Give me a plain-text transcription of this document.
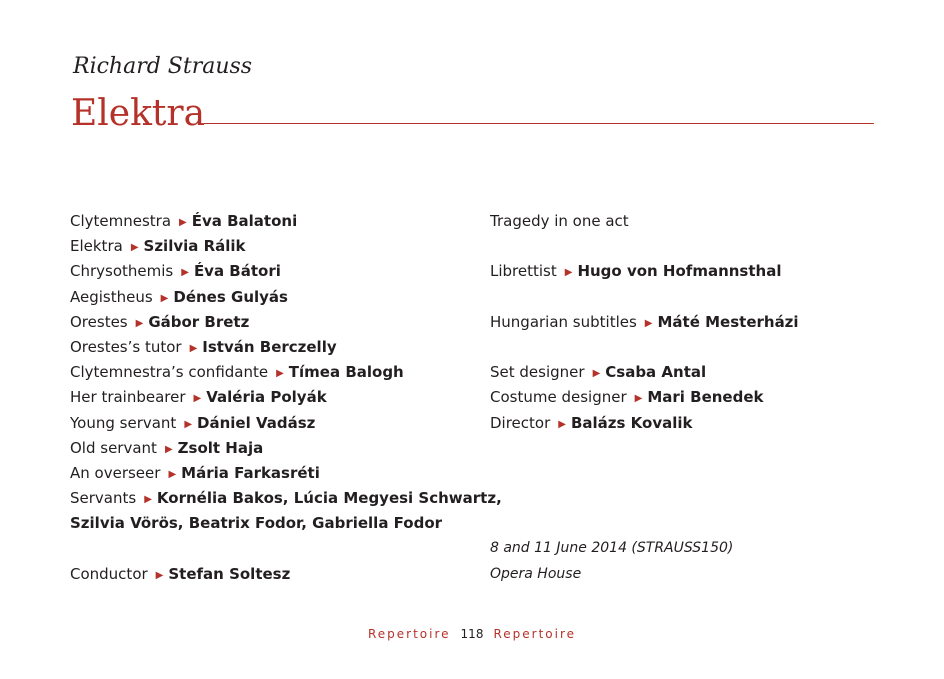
Richard Strauss
Elektra
Clytemnestra ▶ Éva Balatoni
Elektra ▶ Szilvia Rálik
Chrysothemis ▶ Éva Bátori
Aegistheus ▶ Dénes Gulyás
Orestes ▶ Gábor Bretz
Orestes’s tutor ▶ István Berczelly
Clytemnestra’s confidante ▶ Tímea Balogh
Her trainbearer ▶ Valéria Polyák
Young servant ▶ Dániel Vadász
Old servant ▶ Zsolt Haja
An overseer ▶ Mária Farkasréti
Servants ▶ Kornélia Bakos, Lúcia Megyesi Schwartz,
Szilvia Vörös, Beatrix Fodor, Gabriella Fodor
Conductor ▶ Stefan Soltesz
Tragedy in one act
Librettist ▶ Hugo von Hofmannsthal
Hungarian subtitles ▶ Máté Mesterházi
Set designer ▶ Csaba Antal
Costume designer ▶ Mari Benedek
Director ▶ Balázs Kovalik
8 and 11 June 2014 (STRAUSS150)
Opera House
Repertoire 118 Repertoire
